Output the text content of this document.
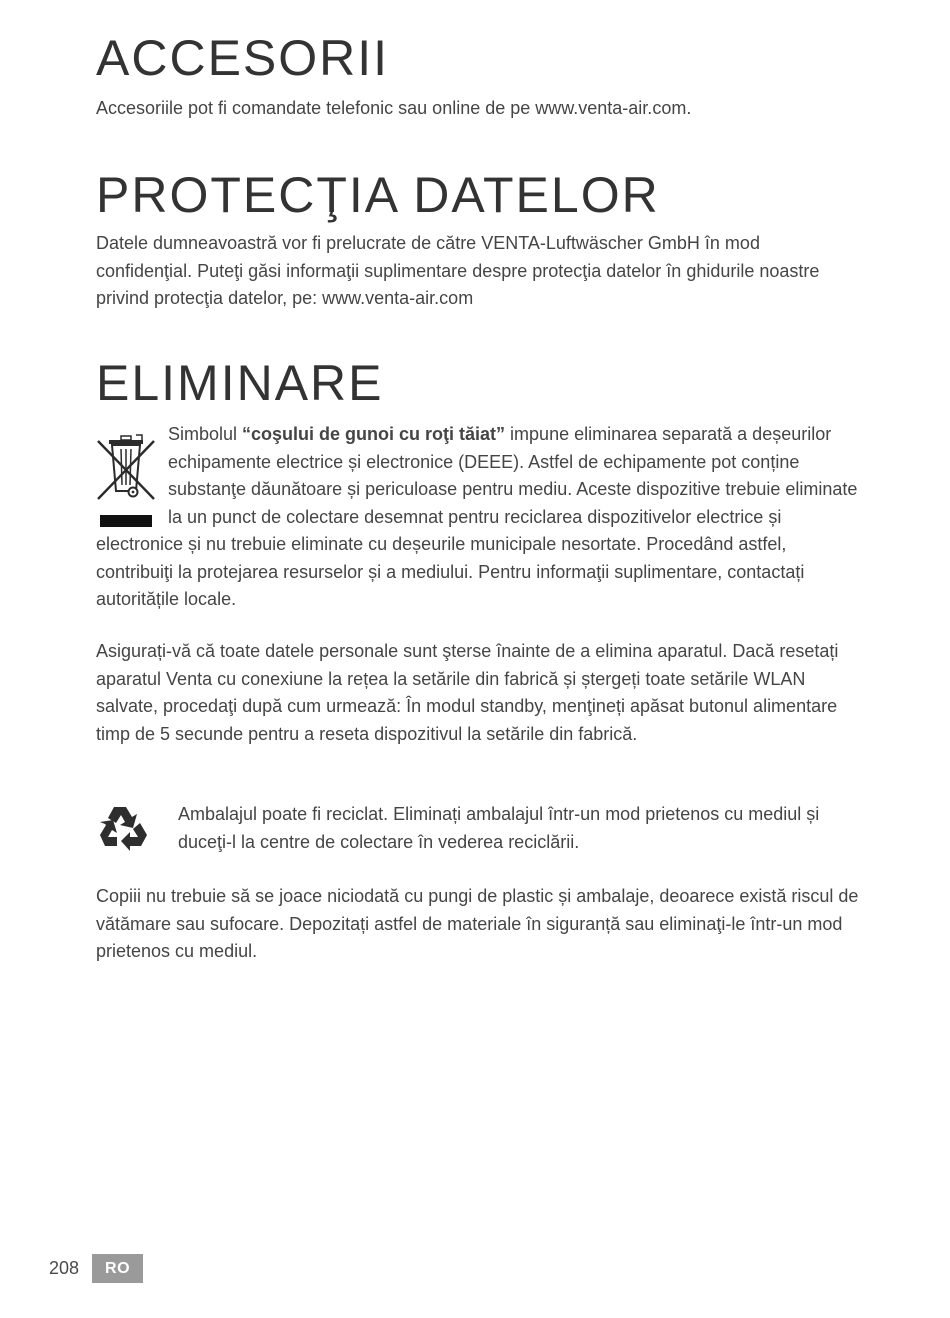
ACCESORII

Accesoriile pot fi comandate telefonic sau online de pe www.venta-air.com.

PROTECŢIA DATELOR

Datele dumneavoastră vor fi prelucrate de către VENTA-Luftwäscher GmbH în mod confidenţial. Puteţi găsi informaţii suplimentare despre protecţia datelor în ghidurile noastre privind protecţia datelor, pe: www.venta-air.com

ELIMINARE

Simbolul “coşului de gunoi cu roţi tăiat” impune eliminarea separată a deșeurilor echipamente electrice și electronice (DEEE). Astfel de echipamente pot conține substanţe dăunătoare și periculoase pentru mediu. Aceste dispozitive trebuie eliminate la un punct de colectare desemnat pentru reciclarea dispozitivelor electrice și electronice și nu trebuie eliminate cu deșeurile municipale nesortate. Procedând astfel, contribuiţi la protejarea resurselor și a mediului. Pentru informaţii suplimentare, contactați autoritățile locale.

Asigurați-vă că toate datele personale sunt şterse înainte de a elimina aparatul. Dacă resetați aparatul Venta cu conexiune la rețea la setările din fabrică și ștergeți toate setările WLAN salvate, procedaţi după cum urmează: În modul standby, menţineți apăsat butonul alimentare timp de 5 secunde pentru a reseta dispozitivul la setările din fabrică.

Ambalajul poate fi reciclat. Eliminați ambalajul într-un mod prietenos cu mediul și duceţi-l la centre de colectare în vederea reciclării.

Copiii nu trebuie să se joace niciodată cu pungi de plastic și ambalaje, deoarece există riscul de vătămare sau sufocare. Depozitați astfel de materiale în siguranță sau eliminaţi-le într-un mod prietenos cu mediul.

208	RO
